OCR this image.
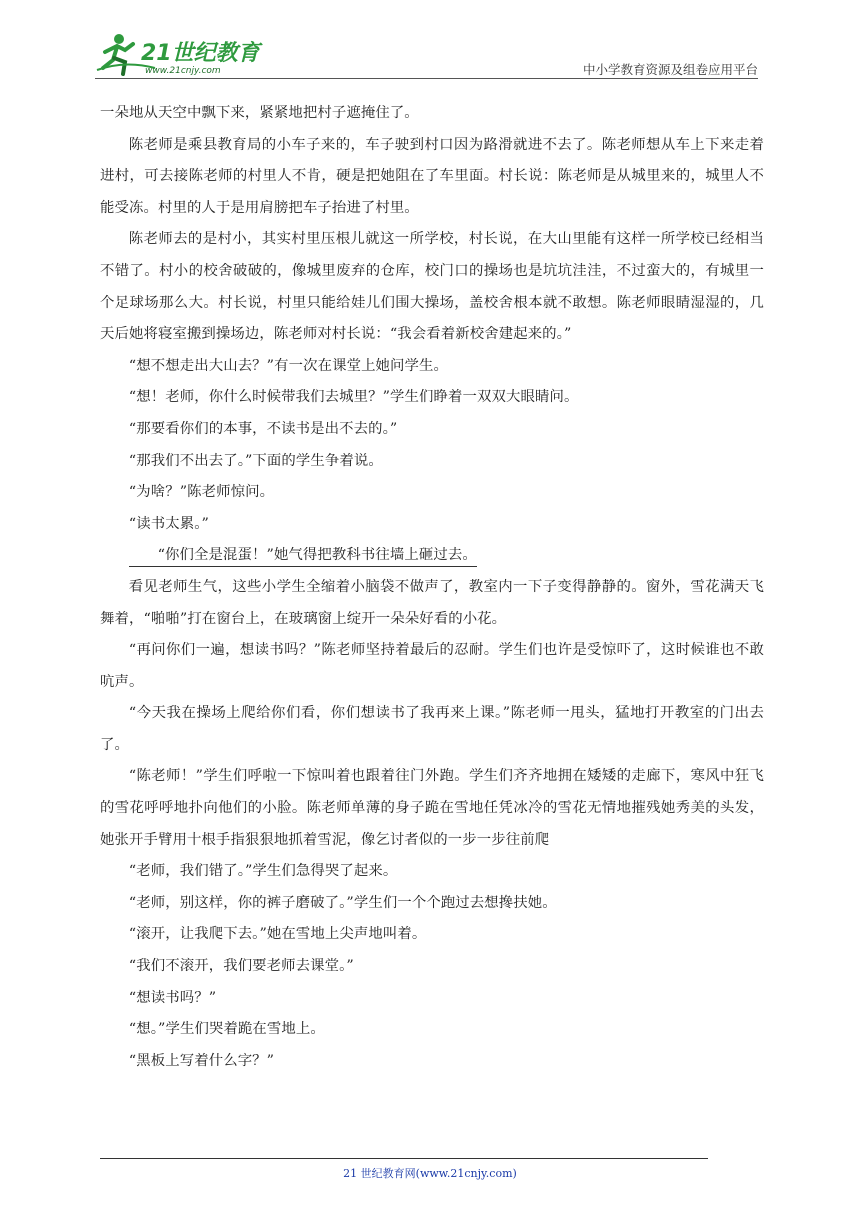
21世纪教育
www.21cnjy.com	中小学教育资源及组卷应用平台

一朵地从天空中飘下来，紧紧地把村子遮掩住了。

陈老师是乘县教育局的小车子来的，车子驶到村口因为路滑就进不去了。陈老师想从车上下来走着进村，可去接陈老师的村里人不肯，硬是把她阻在了车里面。村长说：陈老师是从城里来的，城里人不能受冻。村里的人于是用肩膀把车子抬进了村里。

陈老师去的是村小，其实村里压根儿就这一所学校，村长说，在大山里能有这样一所学校已经相当不错了。村小的校舍破破的，像城里废弃的仓库，校门口的操场也是坑坑洼洼，不过蛮大的，有城里一个足球场那么大。村长说，村里只能给娃儿们围大操场，盖校舍根本就不敢想。陈老师眼睛湿湿的，几天后她将寝室搬到操场边，陈老师对村长说：“我会看着新校舍建起来的。”

“想不想走出大山去？”有一次在课堂上她问学生。

“想！老师，你什么时候带我们去城里？”学生们睁着一双双大眼睛问。

“那要看你们的本事，不读书是出不去的。”

“那我们不出去了。”下面的学生争着说。

“为啥？”陈老师惊问。

“读书太累。”

“你们全是混蛋！”她气得把教科书往墙上砸过去。

看见老师生气，这些小学生全缩着小脑袋不做声了，教室内一下子变得静静的。窗外，雪花满天飞舞着，“啪啪”打在窗台上，在玻璃窗上绽开一朵朵好看的小花。

“再问你们一遍，想读书吗？”陈老师坚持着最后的忍耐。学生们也许是受惊吓了，这时候谁也不敢吭声。

“今天我在操场上爬给你们看，你们想读书了我再来上课。”陈老师一甩头，猛地打开教室的门出去了。

“陈老师！”学生们呼啦一下惊叫着也跟着往门外跑。学生们齐齐地拥在矮矮的走廊下，寒风中狂飞的雪花呼呼地扑向他们的小脸。陈老师单薄的身子跪在雪地任凭冰冷的雪花无情地摧残她秀美的头发，她张开手臂用十根手指狠狠地抓着雪泥，像乞讨者似的一步一步往前爬

“老师，我们错了。”学生们急得哭了起来。

“老师，别这样，你的裤子磨破了。”学生们一个个跑过去想搀扶她。

“滚开，让我爬下去。”她在雪地上尖声地叫着。

“我们不滚开，我们要老师去课堂。”

“想读书吗？”

“想。”学生们哭着跪在雪地上。

“黑板上写着什么字？”

21 世纪教育网(www.21cnjy.com)
